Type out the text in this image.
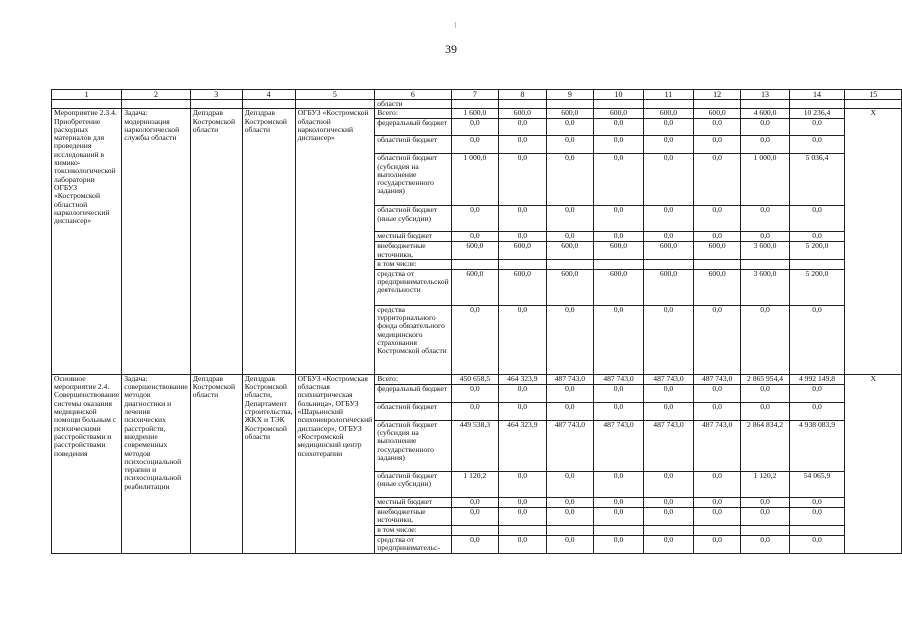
39
1	2	3	4	5	6	7	8	9	10	11	12	13	14	15
					области									
Мероприятие 2.3.4. Приобретение расходных материалов для проведения исследований в химико-токсикологической лаборатории ОГБУЗ «Костромской областной наркологический диспансер»	Задача: модернизация наркологической службы области	Депздрав Костромской области	Депздрав Костромской области	ОГБУЗ «Костромской областной наркологический диспансер»	Всего:	1 600,0	600,0	600,0	600,0	600,0	600,0	4 600,0	10 236,4	Х
					федеральный бюджет	0,0	0,0	0,0	0,0	0,0	0,0	0,0	0,0	
					областной бюджет	0,0	0,0	0,0	0,0	0,0	0,0	0,0	0,0	
					областной бюджет (субсидия на выполнение государственного задания)	1 000,0	0,0	0,0	0,0	0,0	0,0	1 000,0	5 036,4	
					областной бюджет (иные субсидии)	0,0	0,0	0,0	0,0	0,0	0,0	0,0	0,0	
					местный бюджет	0,0	0,0	0,0	0,0	0,0	0,0	0,0	0,0	
					внебюджетные источники,	600,0	600,0	600,0	600,0	600,0	600,0	3 600,0	5 200,0	
					в том числе:									
					средства от предпринимательской деятельности	600,0	600,0	600,0	600,0	600,0	600,0	3 600,0	5 200,0	
					средства территориального фонда обязательного медицинского страхования Костромской области	0,0	0,0	0,0	0,0	0,0	0,0	0,0	0,0	
Основное мероприятие 2.4. Совершенствование системы оказания медицинской помощи больным с психическими расстройствами и расстройствами поведения	Задача: совершенствование методов диагностики и лечения психических расстройств, внедрение современных методов психосоциальной терапии и психосоциальной реабилитации	Депздрав Костромской области	Депздрав Костромской области, Департамент строительства, ЖКХ и ТЭК Костромской области	ОГБУЗ «Костромская областная психиатрическая больница», ОГБУЗ «Шарьинский психоневрологический диспансер», ОГБУЗ «Костромской медицинский центр психотерапии	Всего:	450 658,5	464 323,9	487 743,0	487 743,0	487 743,0	487 743,0	2 865 954,4	4 992 149,8	Х
					федеральный бюджет	0,0	0,0	0,0	0,0	0,0	0,0	0,0	0,0	
					областной бюджет	0,0	0,0	0,0	0,0	0,0	0,0	0,0	0,0	
					областной бюджет (субсидия на выполнение государственного задания)	449 538,3	464 323,9	487 743,0	487 743,0	487 743,0	487 743,0	2 864 834,2	4 938 083,9	
					областной бюджет (иные субсидии)	1 120,2	0,0	0,0	0,0	0,0	0,0	1 120,2	54 065,9	
					местный бюджет	0,0	0,0	0,0	0,0	0,0	0,0	0,0	0,0	
					внебюджетные источники,	0,0	0,0	0,0	0,0	0,0	0,0	0,0	0,0	
					в том числе:									
					средства от предпринимательс-	0,0	0,0	0,0	0,0	0,0	0,0	0,0	0,0	
